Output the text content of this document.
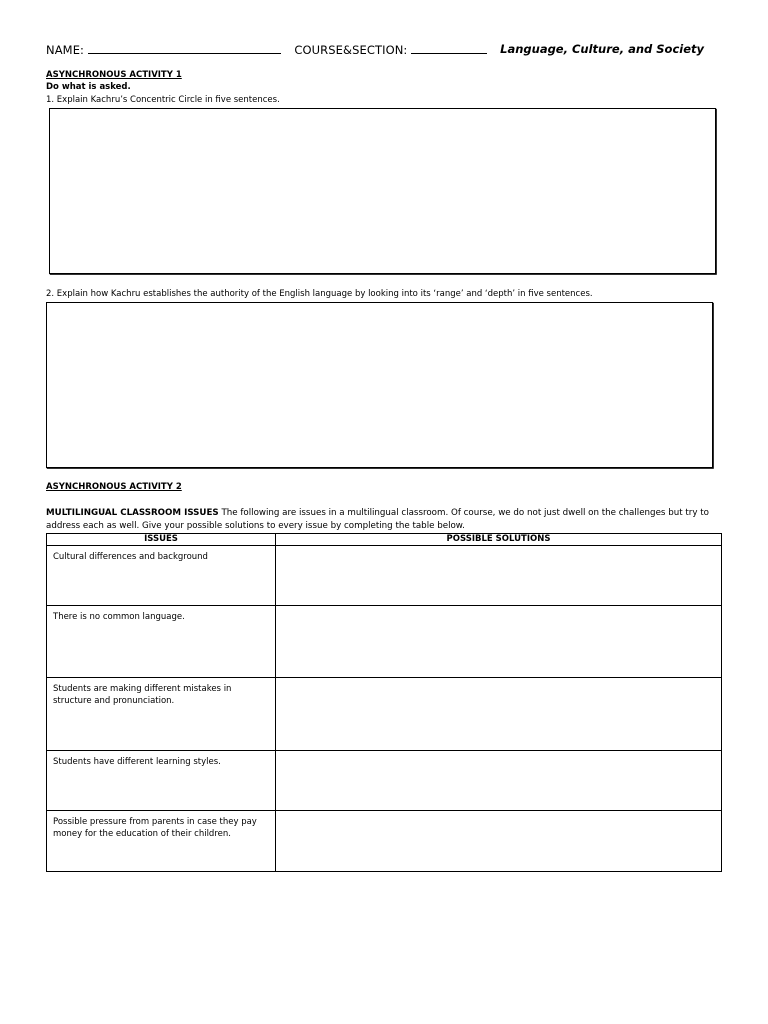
NAME:	COURSE&SECTION:	Language, Culture, and Society
ASYNCHRONOUS ACTIVITY 1
Do what is asked.
1. Explain Kachru’s Concentric Circle in five sentences.
2. Explain how Kachru establishes the authority of the English language by looking into its ‘range’ and ‘depth’ in five sentences.
ASYNCHRONOUS ACTIVITY 2
MULTILINGUAL CLASSROOM ISSUES The following are issues in a multilingual classroom. Of course, we do not just dwell on the challenges but try to address each as well. Give your possible solutions to every issue by completing the table below.
ISSUES	POSSIBLE SOLUTIONS
Cultural differences and background	
There is no common language.	
Students are making different mistakes in structure and pronunciation.	
Students have different learning styles.	
Possible pressure from parents in case they pay money for the education of their children.	
